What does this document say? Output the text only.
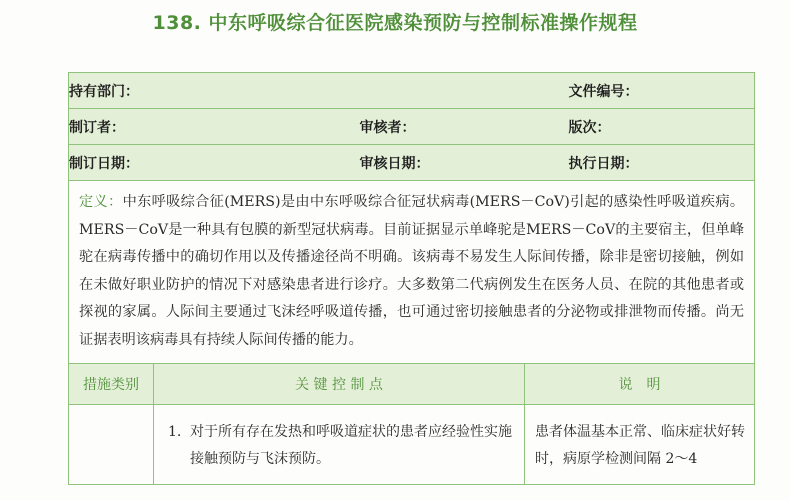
138. 中东呼吸综合征医院感染预防与控制标准操作规程
持有部门：				文件编号：
制订者：		审核者：		版次：
制订日期：		审核日期：		执行日期：
定义：中东呼吸综合征(MERS)是由中东呼吸综合征冠状病毒(MERS－CoV)引起的感染性呼吸道疾病。MERS－CoV是一种具有包膜的新型冠状病毒。目前证据显示单峰驼是MERS－CoV的主要宿主，但单峰驼在病毒传播中的确切作用以及传播途径尚不明确。该病毒不易发生人际间传播，除非是密切接触，例如在未做好职业防护的情况下对感染患者进行诊疗。大多数第二代病例发生在医务人员、在院的其他患者或探视的家属。人际间主要通过飞沫经呼吸道传播，也可通过密切接触患者的分泌物或排泄物而传播。尚无证据表明该病毒具有持续人际间传播的能力。				
措施类别	关 键 控 制 点		说　明	

	1. 对于所有存在发热和呼吸道症状的患者应经验性实施接触预防与飞沫预防。		患者体温基本正常、临床症状好转时，病原学检测间隔 2～4	
